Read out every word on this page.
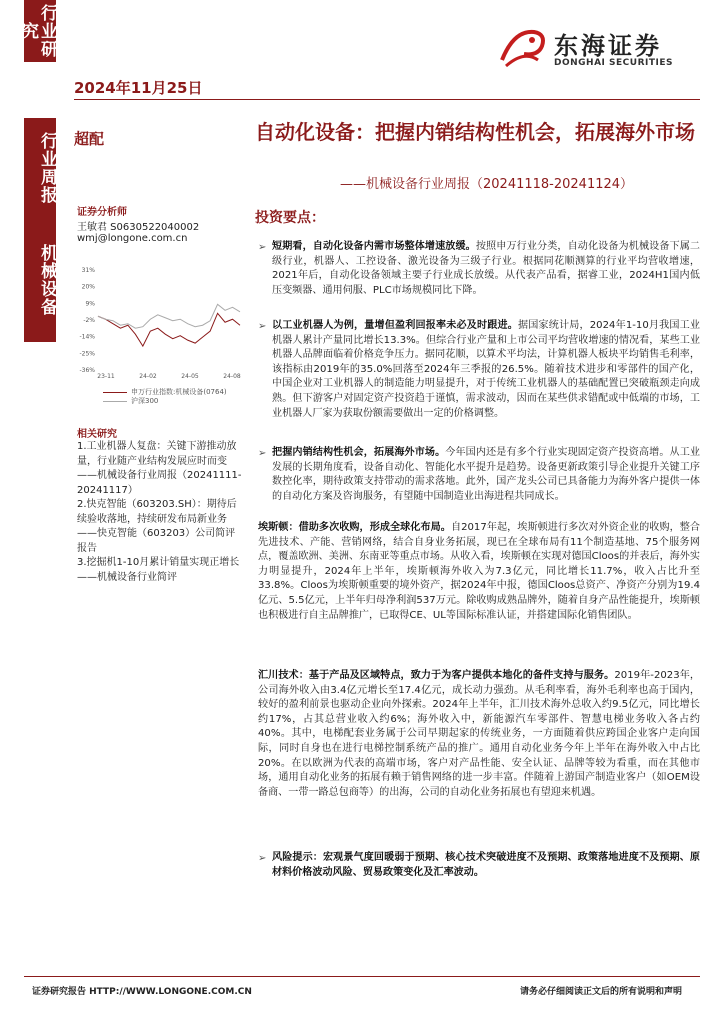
行业研究
行业周报
机械设备
2024年11月25日
东海证券
DONGHAI SECURITIES
超配	自动化设备：把握内销结构性机会，拓展海外市场
——机械设备行业周报（20241118-20241124）
证券分析师
王敏君 S0630522040002
wmj@longone.com.cn
31%
20%
9%
-2%
-14%
-25%
-36%
23-11	24-02	24-05	24-08
申万行业指数:机械设备(0764)
沪深300
相关研究
1.工业机器人复盘：关键下游推动放量，行业随产业结构发展应时而变——机械设备行业周报（20241111-20241117）
2.快克智能（603203.SH）：期待后续验收落地，持续研发布局新业务——快克智能（603203）公司简评报告
3.挖掘机1-10月累计销量实现正增长——机械设备行业简评
投资要点：
➢ 短期看，自动化设备内需市场整体增速放缓。按照申万行业分类，自动化设备为机械设备下属二级行业，机器人、工控设备、激光设备为三级子行业。根据同花顺测算的行业平均营收增速，2021年后，自动化设备领域主要子行业成长放缓。从代表产品看，据睿工业，2024H1国内低压变频器、通用伺服、PLC市场规模同比下降。
➢ 以工业机器人为例，量增但盈利回报率未必及时跟进。据国家统计局，2024年1-10月我国工业机器人累计产量同比增长13.3%。但综合行业产量和上市公司平均营收增速的情况看，某些工业机器人品牌面临着价格竞争压力。据同花顺，以算术平均法，计算机器人板块平均销售毛利率，该指标由2019年的35.0%回落至2024年三季报的26.5%。随着技术进步和零部件的国产化，中国企业对工业机器人的制造能力明显提升，对于传统工业机器人的基础配置已突破瓶颈走向成熟。但下游客户对固定资产投资趋于谨慎，需求波动，因而在某些供求错配或中低端的市场，工业机器人厂家为获取份额需要做出一定的价格调整。
➢ 把握内销结构性机会，拓展海外市场。今年国内还是有多个行业实现固定资产投资高增。从工业发展的长期角度看，设备自动化、智能化水平提升是趋势。设备更新政策引导企业提升关键工序数控化率，期待政策支持带动的需求落地。此外，国产龙头公司已具备能力为海外客户提供一体的自动化方案及咨询服务，有望随中国制造业出海进程共同成长。
埃斯顿：借助多次收购，形成全球化布局。自2017年起，埃斯顿进行多次对外资企业的收购，整合先进技术、产能、营销网络，结合自身业务拓展，现已在全球布局有11个制造基地、75个服务网点，覆盖欧洲、美洲、东南亚等重点市场。从收入看，埃斯顿在实现对德国Cloos的并表后，海外实力明显提升，2024年上半年，埃斯顿海外收入为7.3亿元，同比增长11.7%，收入占比升至33.8%。Cloos为埃斯顿重要的境外资产，据2024年中报，德国Cloos总资产、净资产分别为19.4亿元、5.5亿元，上半年归母净利润537万元。除收购成熟品牌外，随着自身产品性能提升，埃斯顿也积极进行自主品牌推广，已取得CE、UL等国际标准认证，并搭建国际化销售团队。
汇川技术：基于产品及区域特点，致力于为客户提供本地化的备件支持与服务。2019年-2023年，公司海外收入由3.4亿元增长至17.4亿元，成长动力强劲。从毛利率看，海外毛利率也高于国内，较好的盈利前景也驱动企业向外探索。2024年上半年，汇川技术海外总收入约9.5亿元，同比增长约17%，占其总营业收入约6%；海外收入中，新能源汽车零部件、智慧电梯业务收入各占约40%。其中，电梯配套业务属于公司早期起家的传统业务，一方面随着供应跨国企业客户走向国际，同时自身也在进行电梯控制系统产品的推广。通用自动化业务今年上半年在海外收入中占比20%。在以欧洲为代表的高端市场，客户对产品性能、安全认证、品牌等较为看重，而在其他市场，通用自动化业务的拓展有赖于销售网络的进一步丰富。伴随着上游国产制造业客户（如OEM设备商、一带一路总包商等）的出海，公司的自动化业务拓展也有望迎来机遇。
➢ 风险提示：宏观景气度回暖弱于预期、核心技术突破进度不及预期、政策落地进度不及预期、原材料价格波动风险、贸易政策变化及汇率波动。
证券研究报告 HTTP://WWW.LONGONE.COM.CN	请务必仔细阅读正文后的所有说明和声明
